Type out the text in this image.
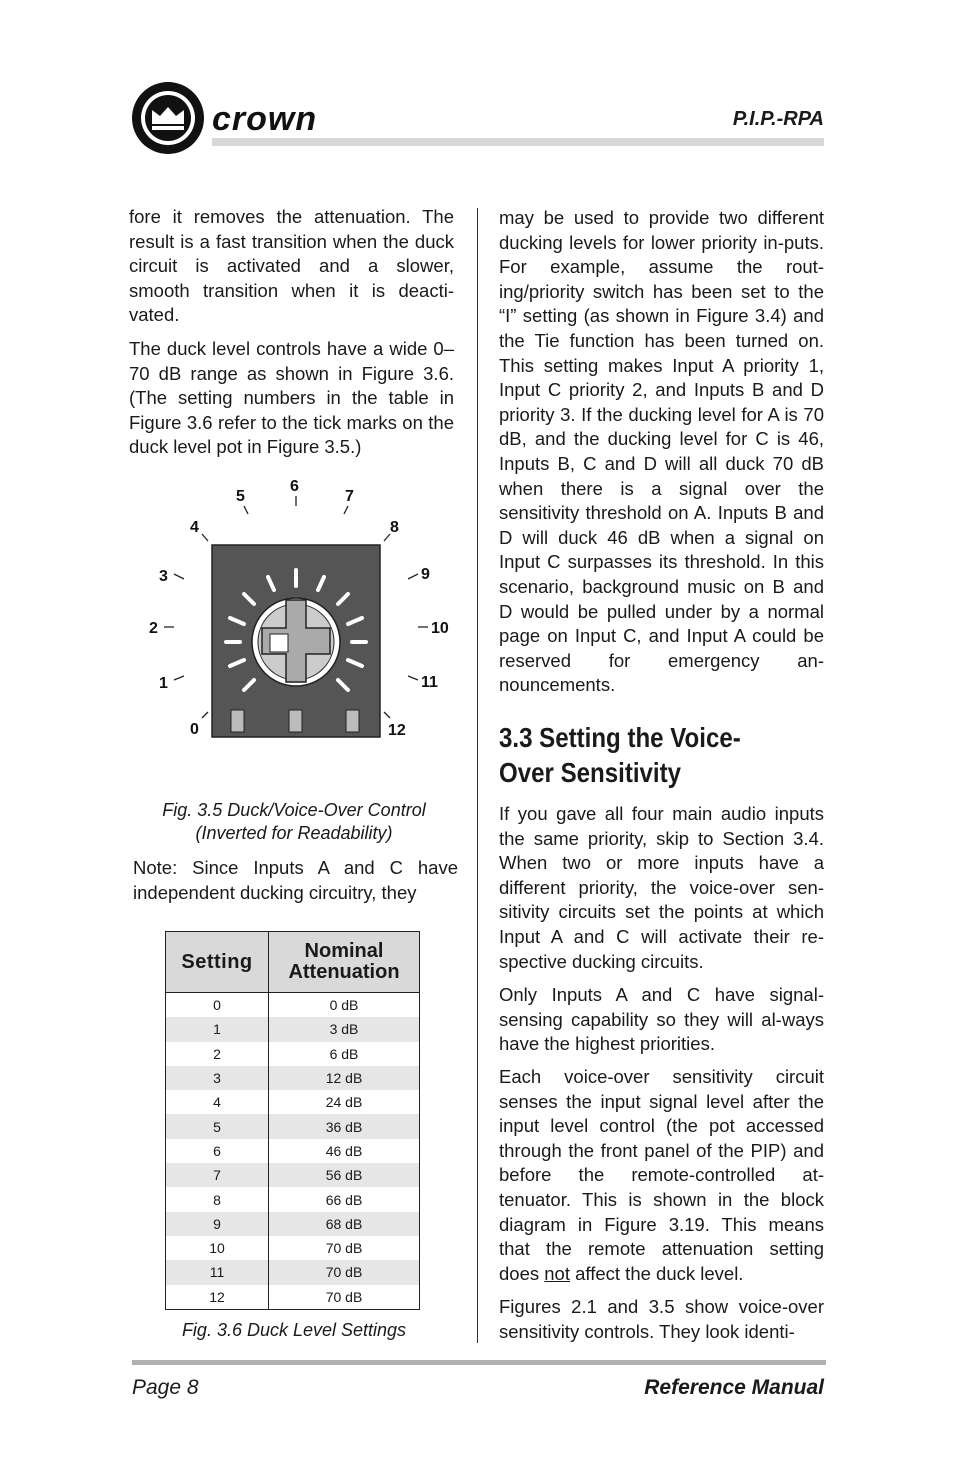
crown	P.I.P.-RPA

fore it removes the attenuation. The result is a fast transition when the duck circuit is activated and a slower, smooth transition when it is deacti-vated.

The duck level controls have a wide 0–70 dB range as shown in Figure 3.6. (The setting numbers in the table in Figure 3.6 refer to the tick marks on the duck level pot in Figure 3.5.)

0
1
2
3
4
5
6
7
8
9
10
11
12
Fig. 3.5 Duck/Voice-Over Control
(Inverted for Readability)

Note: Since Inputs A and C have independent ducking circuitry, they

Setting	Nominal
Attenuation

0	0 dB
1	3 dB
2	6 dB
3	12 dB
4	24 dB
5	36 dB
6	46 dB
7	56 dB
8	66 dB
9	68 dB
10	70 dB
11	70 dB
12	70 dB
Fig. 3.6 Duck Level Settings

may be used to provide two different ducking levels for lower priority in-puts. For example, assume the rout-ing/priority switch has been set to the “I” setting (as shown in Figure 3.4) and the Tie function has been turned on. This setting makes Input A priority 1, Input C priority 2, and Inputs B and D priority 3. If the ducking level for A is 70 dB, and the ducking level for C is 46, Inputs B, C and D will all duck 70 dB when there is a signal over the sensitivity threshold on A. Inputs B and D will duck 46 dB when a signal on Input C surpasses its threshold. In this scenario, background music on B and D would be pulled under by a normal page on Input C, and Input A could be reserved for emergency an-nouncements.

3.3 Setting the Voice-Over Sensitivity

If you gave all four main audio inputs the same priority, skip to Section 3.4. When two or more inputs have a different priority, the voice-over sen-sitivity circuits set the points at which Input A and C will activate their re-spective ducking circuits.

Only Inputs A and C have signal-sensing capability so they will al-ways have the highest priorities.

Each voice-over sensitivity circuit senses the input signal level after the input level control (the pot accessed through the front panel of the PIP) and before the remote-controlled at-tenuator. This is shown in the block diagram in Figure 3.19. This means that the remote attenuation setting does not affect the duck level.

Figures 2.1 and 3.5 show voice-over sensitivity controls. They look identi-

Page 8	Reference Manual
